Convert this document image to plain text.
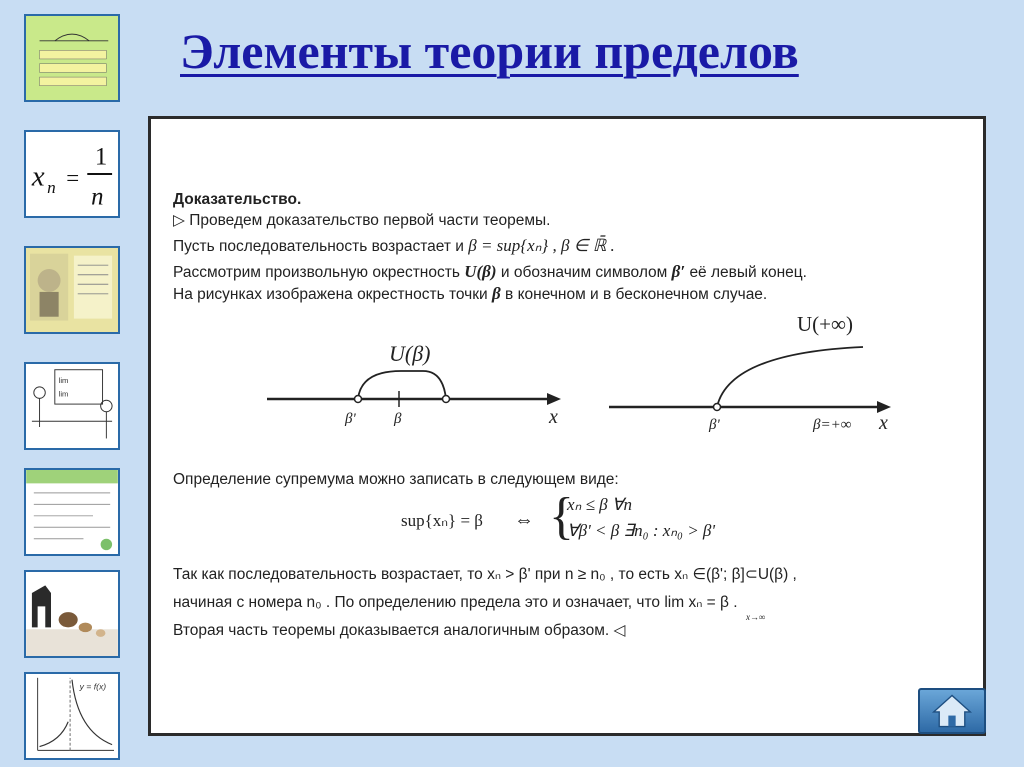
Элементы теории пределов
x n =
1
n
lim
lim
y = f(x)
Доказательство.
▷ Проведем доказательство первой части теоремы.
Пусть последовательность возрастает и β = sup{xₙ} , β ∈ ℝ̄ .
Рассмотрим произвольную окрестность U(β) и обозначим символом β′ её левый конец.
На рисунках изображена окрестность точки β в конечном и в бесконечном случае.
U(β)
β'	β	x
U(+∞)
β'	β=+∞ x
Определение супремума можно записать в следующем виде:
sup{xₙ} = β ⇔ {
xₙ ≤ β ∀n
∀β' < β ∃n₀ : xₙ₀ > β'
Так как последовательность возрастает, то xₙ > β' при n ≥ n₀ , то есть xₙ ∈(β'; β]⊂U(β) ,
начиная с номера n₀ . По определению предела это и означает, что lim xₙ = β .
x→∞
Вторая часть теоремы доказывается аналогичным образом. ◁
